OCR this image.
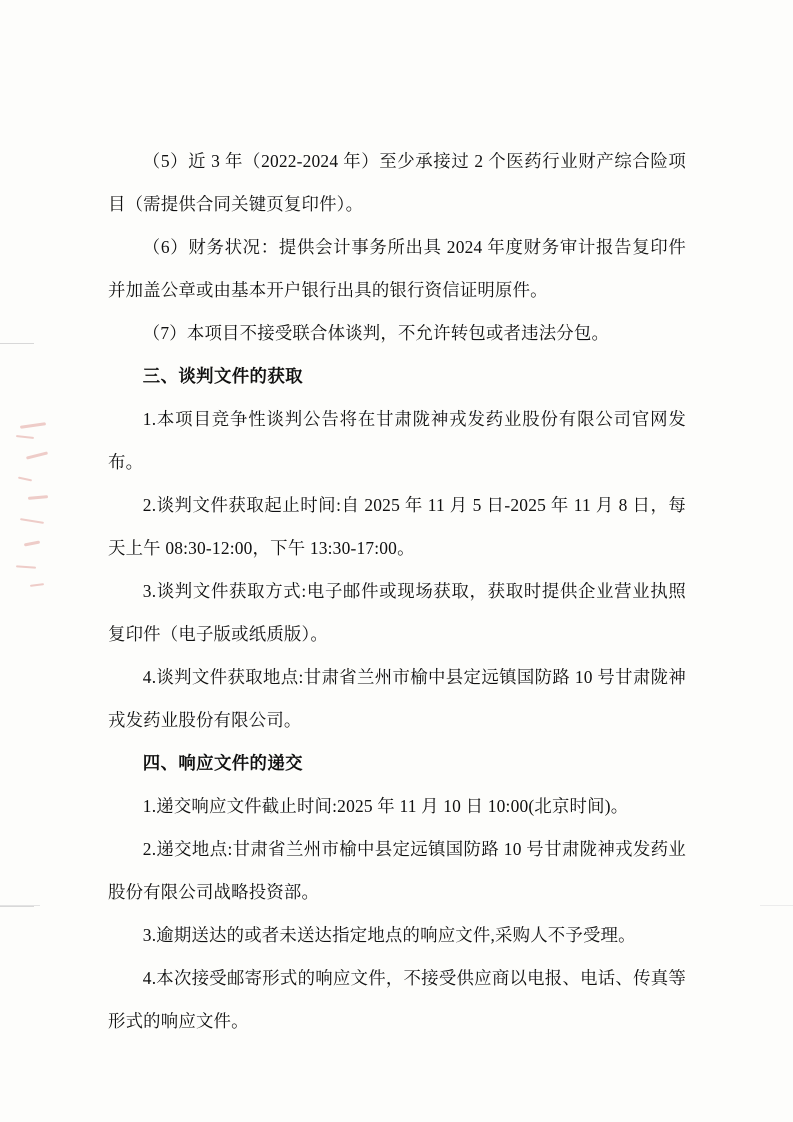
（5）近 3 年（2022-2024 年）至少承接过 2 个医药行业财产综合险项目（需提供合同关键页复印件）。

（6）财务状况：提供会计事务所出具 2024 年度财务审计报告复印件并加盖公章或由基本开户银行出具的银行资信证明原件。

（7）本项目不接受联合体谈判，不允许转包或者违法分包。

三、谈判文件的获取

1.本项目竞争性谈判公告将在甘肃陇神戎发药业股份有限公司官网发布。

2.谈判文件获取起止时间:自 2025 年 11 月 5 日-2025 年 11 月 8 日，每天上午 08:30-12:00，下午 13:30-17:00。

3.谈判文件获取方式:电子邮件或现场获取，获取时提供企业营业执照复印件（电子版或纸质版）。

4.谈判文件获取地点:甘肃省兰州市榆中县定远镇国防路 10 号甘肃陇神戎发药业股份有限公司。

四、响应文件的递交

1.递交响应文件截止时间:2025 年 11 月 10 日 10:00(北京时间)。

2.递交地点:甘肃省兰州市榆中县定远镇国防路 10 号甘肃陇神戎发药业股份有限公司战略投资部。

3.逾期送达的或者未送达指定地点的响应文件,采购人不予受理。

4.本次接受邮寄形式的响应文件，不接受供应商以电报、电话、传真等形式的响应文件。
